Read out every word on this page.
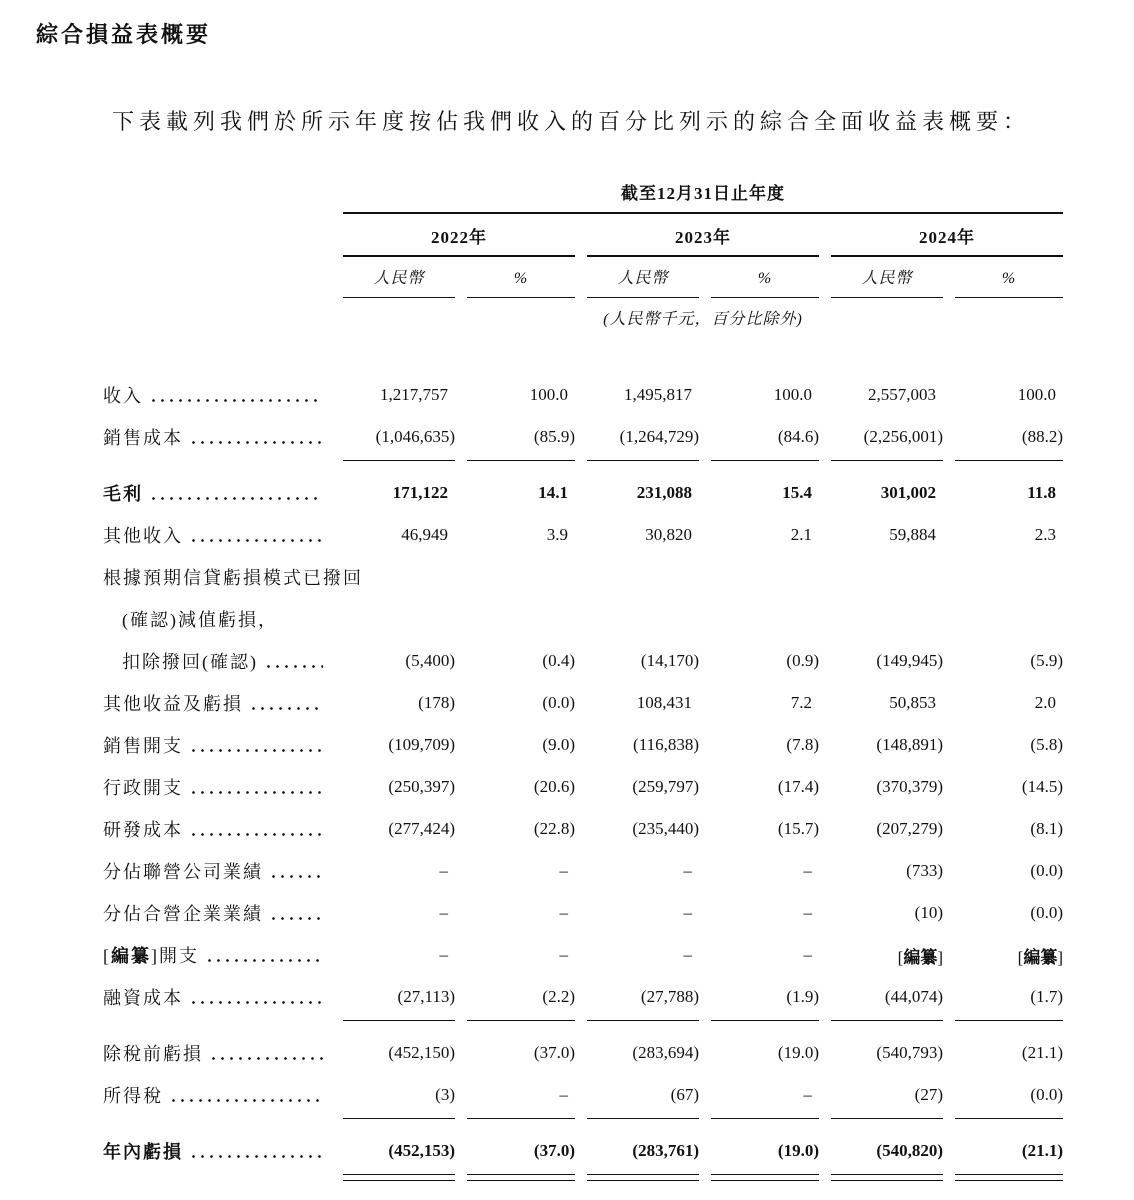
綜合損益表概要

下表載列我們於所示年度按佔我們收入的百分比列示的綜合全面收益表概要：

截至12月31日止年度
2022年	2023年	2024年
人民幣	%	人民幣	%	人民幣	%
(人民幣千元，百分比除外)
收入	1,217,757	100.0	1,495,817	100.0	2,557,003	100.0
銷售成本	(1,046,635)	(85.9)	(1,264,729)	(84.6)	(2,256,001)	(88.2)
毛利	171,122	14.1	231,088	15.4	301,002	11.8
其他收入	46,949	3.9	30,820	2.1	59,884	2.3
根據預期信貸虧損模式已撥回
(確認)減值虧損，
扣除撥回(確認)	(5,400)	(0.4)	(14,170)	(0.9)	(149,945)	(5.9)
其他收益及虧損	(178)	(0.0)	108,431	7.2	50,853	2.0
銷售開支	(109,709)	(9.0)	(116,838)	(7.8)	(148,891)	(5.8)
行政開支	(250,397)	(20.6)	(259,797)	(17.4)	(370,379)	(14.5)
研發成本	(277,424)	(22.8)	(235,440)	(15.7)	(207,279)	(8.1)
分佔聯營公司業績	–	–	–	–	(733)	(0.0)
分佔合營企業業績	–	–	–	–	(10)	(0.0)
[編纂]開支	–	–	–	–	[編纂]	[編纂]
融資成本	(27,113)	(2.2)	(27,788)	(1.9)	(44,074)	(1.7)
除稅前虧損	(452,150)	(37.0)	(283,694)	(19.0)	(540,793)	(21.1)
所得稅	(3)	–	(67)	–	(27)	(0.0)
年內虧損	(452,153)	(37.0)	(283,761)	(19.0)	(540,820)	(21.1)
